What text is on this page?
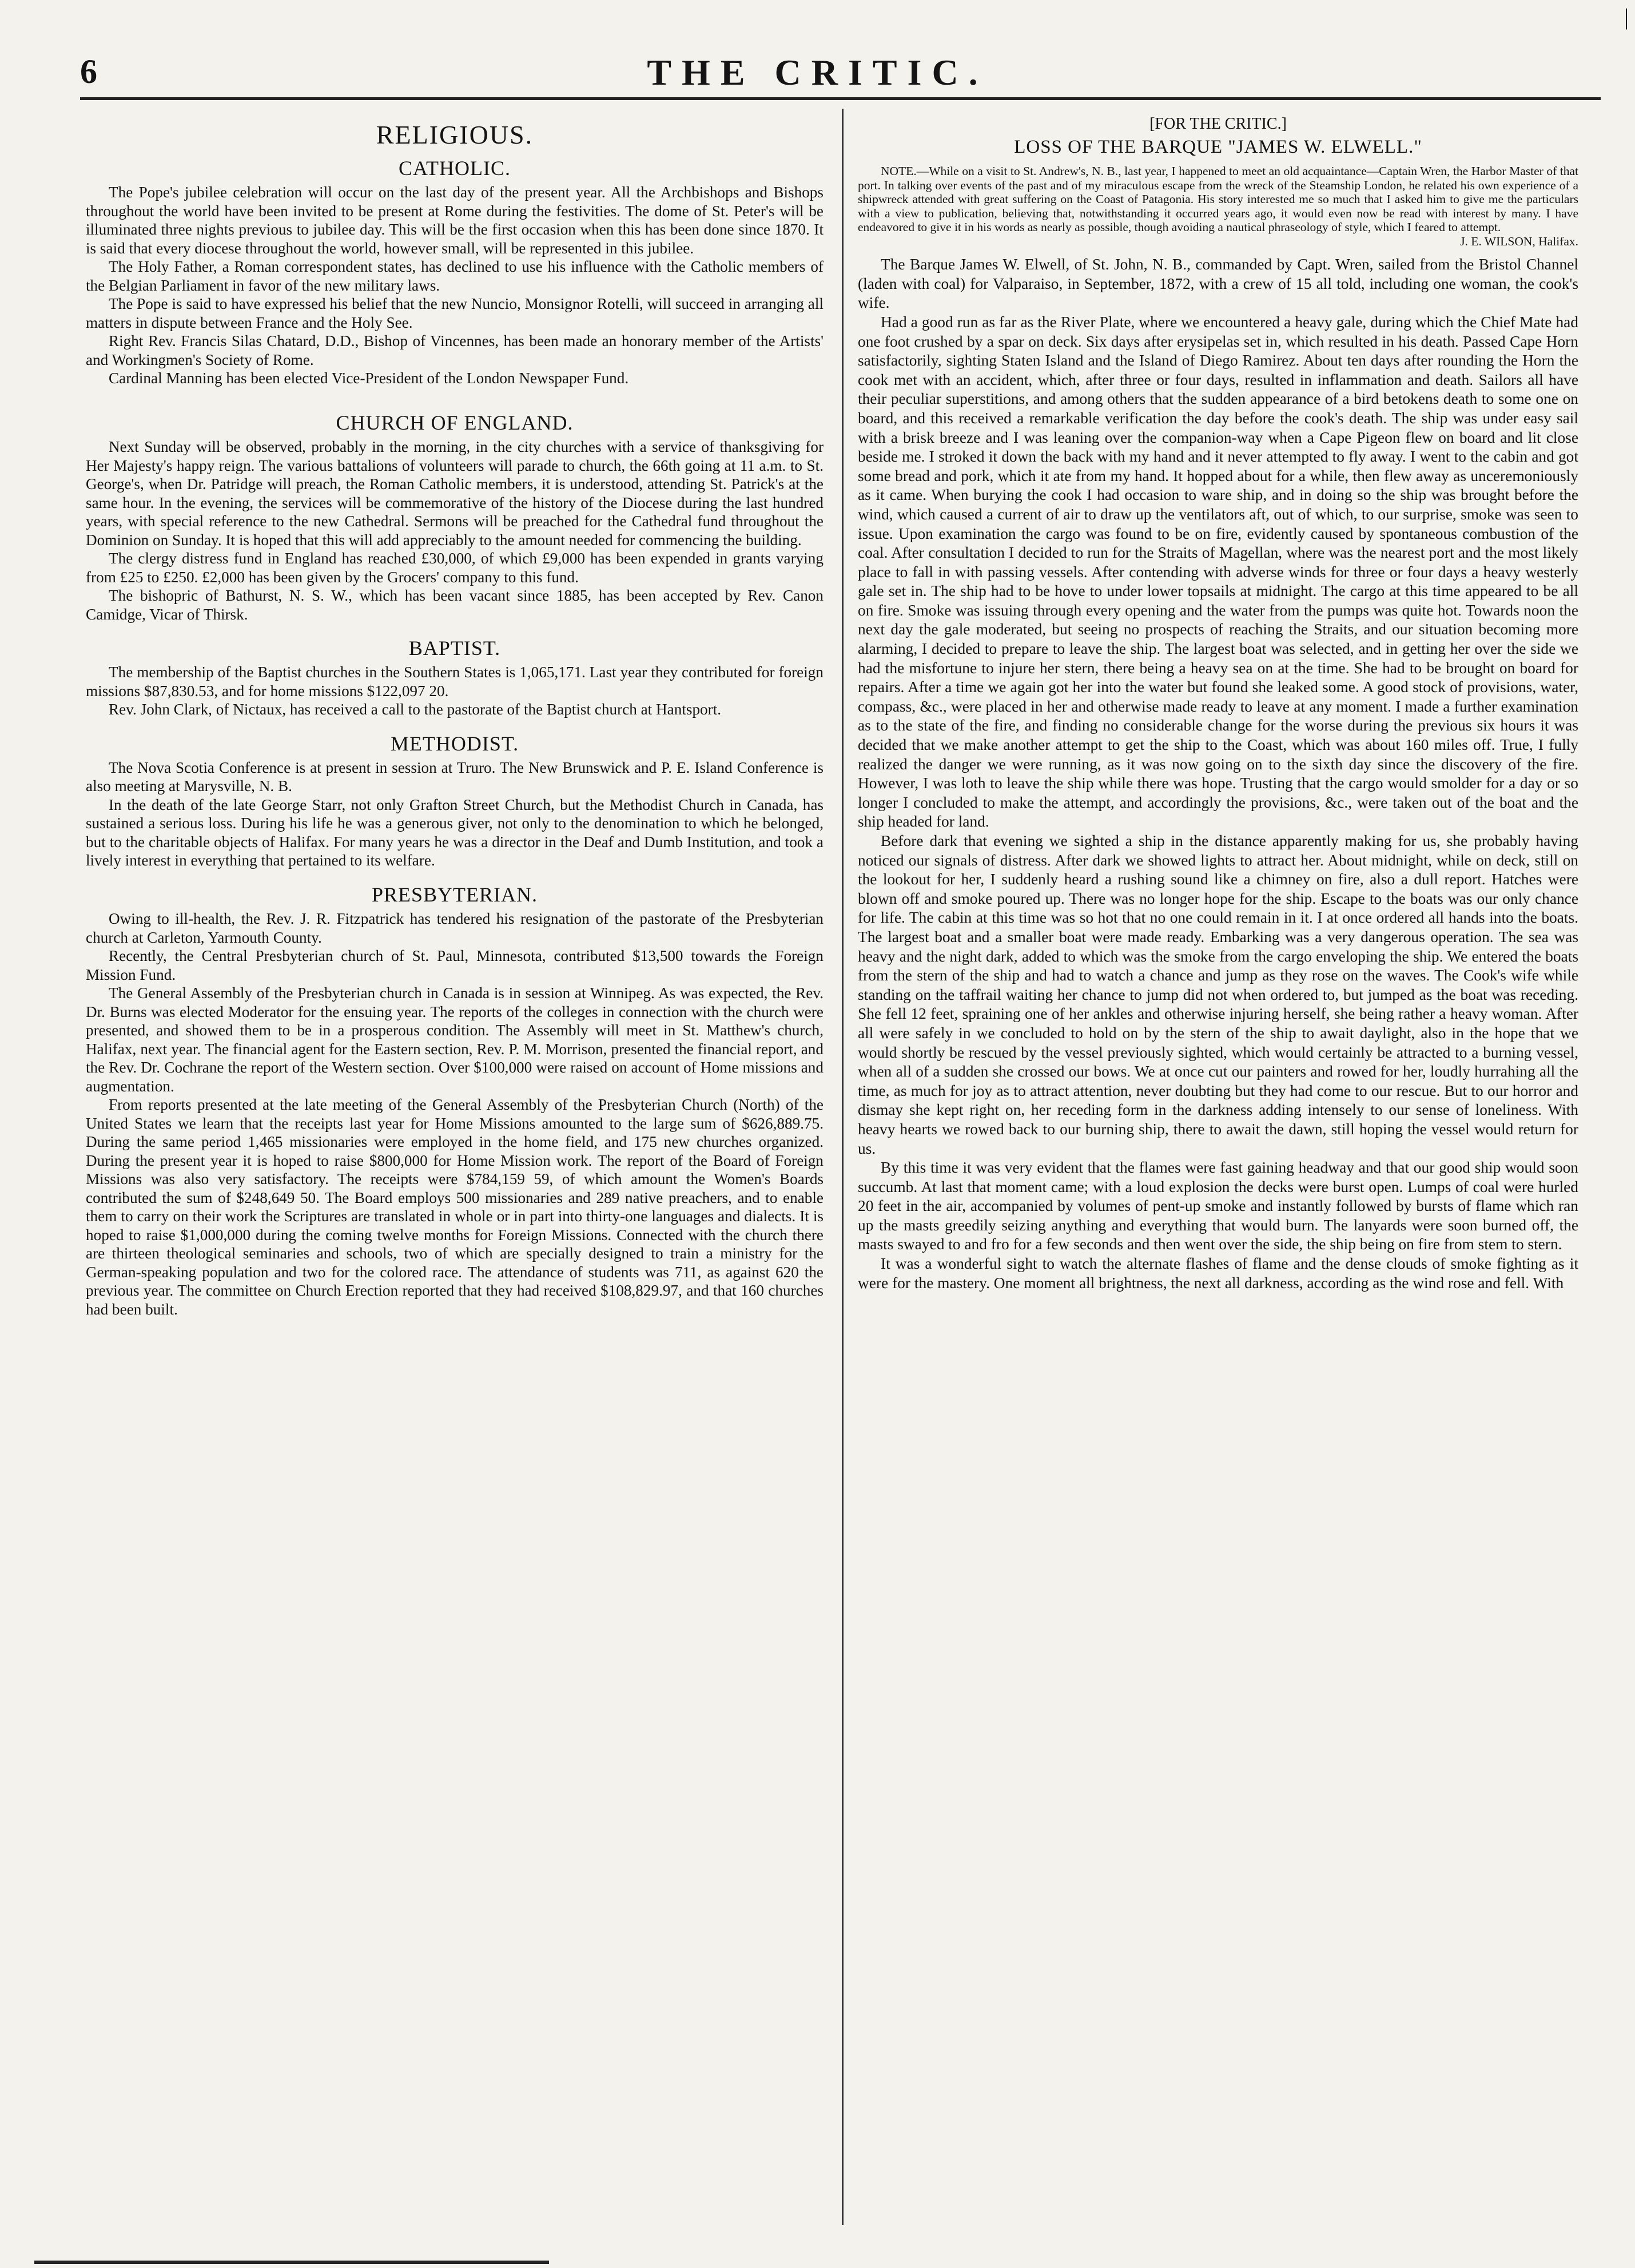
6	THE CRITIC.
|
RELIGIOUS.
CATHOLIC.

The Pope's jubilee celebration will occur on the last day of the present year. All the Archbishops and Bishops throughout the world have been invited to be present at Rome during the festivities. The dome of St. Peter's will be illuminated three nights previous to jubilee day. This will be the first occasion when this has been done since 1870. It is said that every diocese throughout the world, however small, will be represented in this jubilee.

The Holy Father, a Roman correspondent states, has declined to use his influence with the Catholic members of the Belgian Parliament in favor of the new military laws.

The Pope is said to have expressed his belief that the new Nuncio, Monsignor Rotelli, will succeed in arranging all matters in dispute between France and the Holy See.

Right Rev. Francis Silas Chatard, D.D., Bishop of Vincennes, has been made an honorary member of the Artists' and Workingmen's Society of Rome.

Cardinal Manning has been elected Vice-President of the London Newspaper Fund.

CHURCH OF ENGLAND.

Next Sunday will be observed, probably in the morning, in the city churches with a service of thanksgiving for Her Majesty's happy reign. The various battalions of volunteers will parade to church, the 66th going at 11 a.m. to St. George's, when Dr. Patridge will preach, the Roman Catholic members, it is understood, attending St. Patrick's at the same hour. In the evening, the services will be commemorative of the history of the Diocese during the last hundred years, with special reference to the new Cathedral. Sermons will be preached for the Cathedral fund throughout the Dominion on Sunday. It is hoped that this will add appreciably to the amount needed for commencing the building.

The clergy distress fund in England has reached £30,000, of which £9,000 has been expended in grants varying from £25 to £250. £2,000 has been given by the Grocers' company to this fund.

The bishopric of Bathurst, N. S. W., which has been vacant since 1885, has been accepted by Rev. Canon Camidge, Vicar of Thirsk.

BAPTIST.

The membership of the Baptist churches in the Southern States is 1,065,171. Last year they contributed for foreign missions $87,830.53, and for home missions $122,097 20.

Rev. John Clark, of Nictaux, has received a call to the pastorate of the Baptist church at Hantsport.

METHODIST.

The Nova Scotia Conference is at present in session at Truro. The New Brunswick and P. E. Island Conference is also meeting at Marysville, N. B.

In the death of the late George Starr, not only Grafton Street Church, but the Methodist Church in Canada, has sustained a serious loss. During his life he was a generous giver, not only to the denomination to which he belonged, but to the charitable objects of Halifax. For many years he was a director in the Deaf and Dumb Institution, and took a lively interest in everything that pertained to its welfare.

PRESBYTERIAN.

Owing to ill-health, the Rev. J. R. Fitzpatrick has tendered his resignation of the pastorate of the Presbyterian church at Carleton, Yarmouth County.

Recently, the Central Presbyterian church of St. Paul, Minnesota, contributed $13,500 towards the Foreign Mission Fund.

The General Assembly of the Presbyterian church in Canada is in session at Winnipeg. As was expected, the Rev. Dr. Burns was elected Moderator for the ensuing year. The reports of the colleges in connection with the church were presented, and showed them to be in a prosperous condition. The Assembly will meet in St. Matthew's church, Halifax, next year. The financial agent for the Eastern section, Rev. P. M. Morrison, presented the financial report, and the Rev. Dr. Cochrane the report of the Western section. Over $100,000 were raised on account of Home missions and augmentation.

From reports presented at the late meeting of the General Assembly of the Presbyterian Church (North) of the United States we learn that the receipts last year for Home Missions amounted to the large sum of $626,889.75. During the same period 1,465 missionaries were employed in the home field, and 175 new churches organized. During the present year it is hoped to raise $800,000 for Home Mission work. The report of the Board of Foreign Missions was also very satisfactory. The receipts were $784,159 59, of which amount the Women's Boards contributed the sum of $248,649 50. The Board employs 500 missionaries and 289 native preachers, and to enable them to carry on their work the Scriptures are translated in whole or in part into thirty-one languages and dialects. It is hoped to raise $1,000,000 during the coming twelve months for Foreign Missions. Connected with the church there are thirteen theological seminaries and schools, two of which are specially designed to train a ministry for the German-speaking population and two for the colored race. The attendance of students was 711, as against 620 the previous year. The committee on Church Erection reported that they had received $108,829.97, and that 160 churches had been built.

[FOR THE CRITIC.]
LOSS OF THE BARQUE "JAMES W. ELWELL."
NOTE.—While on a visit to St. Andrew's, N. B., last year, I happened to meet an old acquaintance—Captain Wren, the Harbor Master of that port. In talking over events of the past and of my miraculous escape from the wreck of the Steamship London, he related his own experience of a shipwreck attended with great suffering on the Coast of Patagonia. His story interested me so much that I asked him to give me the particulars with a view to publication, believing that, notwithstanding it occurred years ago, it would even now be read with interest by many. I have endeavored to give it in his words as nearly as possible, though avoiding a nautical phraseology of style, which I feared to attempt.
J. E. WILSON, Halifax.

The Barque James W. Elwell, of St. John, N. B., commanded by Capt. Wren, sailed from the Bristol Channel (laden with coal) for Valparaiso, in September, 1872, with a crew of 15 all told, including one woman, the cook's wife.

Had a good run as far as the River Plate, where we encountered a heavy gale, during which the Chief Mate had one foot crushed by a spar on deck. Six days after erysipelas set in, which resulted in his death. Passed Cape Horn satisfactorily, sighting Staten Island and the Island of Diego Ramirez. About ten days after rounding the Horn the cook met with an accident, which, after three or four days, resulted in inflammation and death. Sailors all have their peculiar superstitions, and among others that the sudden appearance of a bird betokens death to some one on board, and this received a remarkable verification the day before the cook's death. The ship was under easy sail with a brisk breeze and I was leaning over the companion-way when a Cape Pigeon flew on board and lit close beside me. I stroked it down the back with my hand and it never attempted to fly away. I went to the cabin and got some bread and pork, which it ate from my hand. It hopped about for a while, then flew away as unceremoniously as it came. When burying the cook I had occasion to ware ship, and in doing so the ship was brought before the wind, which caused a current of air to draw up the ventilators aft, out of which, to our surprise, smoke was seen to issue. Upon examination the cargo was found to be on fire, evidently caused by spontaneous combustion of the coal. After consultation I decided to run for the Straits of Magellan, where was the nearest port and the most likely place to fall in with passing vessels. After contending with adverse winds for three or four days a heavy westerly gale set in. The ship had to be hove to under lower topsails at midnight. The cargo at this time appeared to be all on fire. Smoke was issuing through every opening and the water from the pumps was quite hot. Towards noon the next day the gale moderated, but seeing no prospects of reaching the Straits, and our situation becoming more alarming, I decided to prepare to leave the ship. The largest boat was selected, and in getting her over the side we had the misfortune to injure her stern, there being a heavy sea on at the time. She had to be brought on board for repairs. After a time we again got her into the water but found she leaked some. A good stock of provisions, water, compass, &c., were placed in her and otherwise made ready to leave at any moment. I made a further examination as to the state of the fire, and finding no considerable change for the worse during the previous six hours it was decided that we make another attempt to get the ship to the Coast, which was about 160 miles off. True, I fully realized the danger we were running, as it was now going on to the sixth day since the discovery of the fire. However, I was loth to leave the ship while there was hope. Trusting that the cargo would smolder for a day or so longer I concluded to make the attempt, and accordingly the provisions, &c., were taken out of the boat and the ship headed for land.

Before dark that evening we sighted a ship in the distance apparently making for us, she probably having noticed our signals of distress. After dark we showed lights to attract her. About midnight, while on deck, still on the lookout for her, I suddenly heard a rushing sound like a chimney on fire, also a dull report. Hatches were blown off and smoke poured up. There was no longer hope for the ship. Escape to the boats was our only chance for life. The cabin at this time was so hot that no one could remain in it. I at once ordered all hands into the boats. The largest boat and a smaller boat were made ready. Embarking was a very dangerous operation. The sea was heavy and the night dark, added to which was the smoke from the cargo enveloping the ship. We entered the boats from the stern of the ship and had to watch a chance and jump as they rose on the waves. The Cook's wife while standing on the taffrail waiting her chance to jump did not when ordered to, but jumped as the boat was receding. She fell 12 feet, spraining one of her ankles and otherwise injuring herself, she being rather a heavy woman. After all were safely in we concluded to hold on by the stern of the ship to await daylight, also in the hope that we would shortly be rescued by the vessel previously sighted, which would certainly be attracted to a burning vessel, when all of a sudden she crossed our bows. We at once cut our painters and rowed for her, loudly hurrahing all the time, as much for joy as to attract attention, never doubting but they had come to our rescue. But to our horror and dismay she kept right on, her receding form in the darkness adding intensely to our sense of loneliness. With heavy hearts we rowed back to our burning ship, there to await the dawn, still hoping the vessel would return for us.

By this time it was very evident that the flames were fast gaining headway and that our good ship would soon succumb. At last that moment came; with a loud explosion the decks were burst open. Lumps of coal were hurled 20 feet in the air, accompanied by volumes of pent-up smoke and instantly followed by bursts of flame which ran up the masts greedily seizing anything and everything that would burn. The lanyards were soon burned off, the masts swayed to and fro for a few seconds and then went over the side, the ship being on fire from stem to stern.

It was a wonderful sight to watch the alternate flashes of flame and the dense clouds of smoke fighting as it were for the mastery. One moment all brightness, the next all darkness, according as the wind rose and fell. With
